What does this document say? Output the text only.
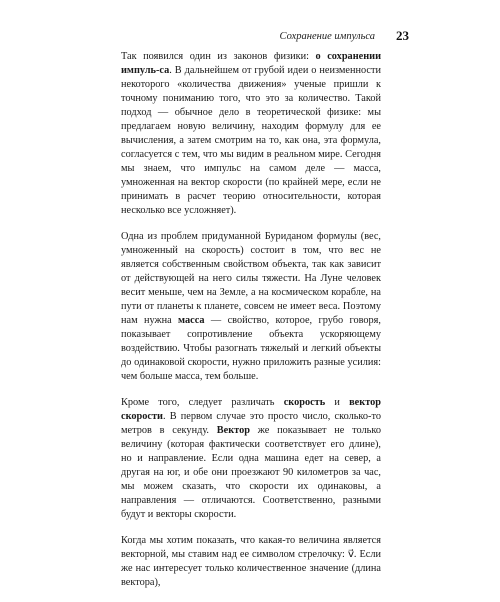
Сохранение импульса	23

Так появился один из законов физики: о сохранении импуль-са. В дальнейшем от грубой идеи о неизменности некоторого «количества движения» ученые пришли к точному пониманию того, что это за количество. Такой подход — обычное дело в теоретической физике: мы предлагаем новую величину, находим формулу для ее вычисления, а затем смотрим на то, как она, эта формула, согласуется с тем, что мы видим в реальном мире. Сегодня мы знаем, что импульс на самом деле — масса, умноженная на вектор скорости (по крайней мере, если не принимать в расчет теорию относительности, которая несколько все усложняет).

Одна из проблем придуманной Буриданом формулы (вес, умноженный на скорость) состоит в том, что вес не является собственным свойством объекта, так как зависит от действующей на него силы тяжести. На Луне человек весит меньше, чем на Земле, а на космическом корабле, на пути от планеты к планете, совсем не имеет веса. Поэтому нам нужна масса — свойство, которое, грубо говоря, показывает сопротивление объекта ускоряющему воздействию. Чтобы разогнать тяжелый и легкий объекты до одинаковой скорости, нужно приложить разные усилия: чем больше масса, тем больше.

Кроме того, следует различать скорость и вектор скорости. В первом случае это просто число, сколько-то метров в секунду. Вектор же показывает не только величину (которая фактически соответствует его длине), но и направление. Если одна машина едет на север, а другая на юг, и обе они проезжают 90 километров за час, мы можем сказать, что скорости их одинаковы, а направления — отличаются. Соответственно, разными будут и векторы скорости.

Когда мы хотим показать, что какая-то величина является векторной, мы ставим над ее символом стрелочку: v⃗. Если же нас интересует только количественное значение (длина вектора),
